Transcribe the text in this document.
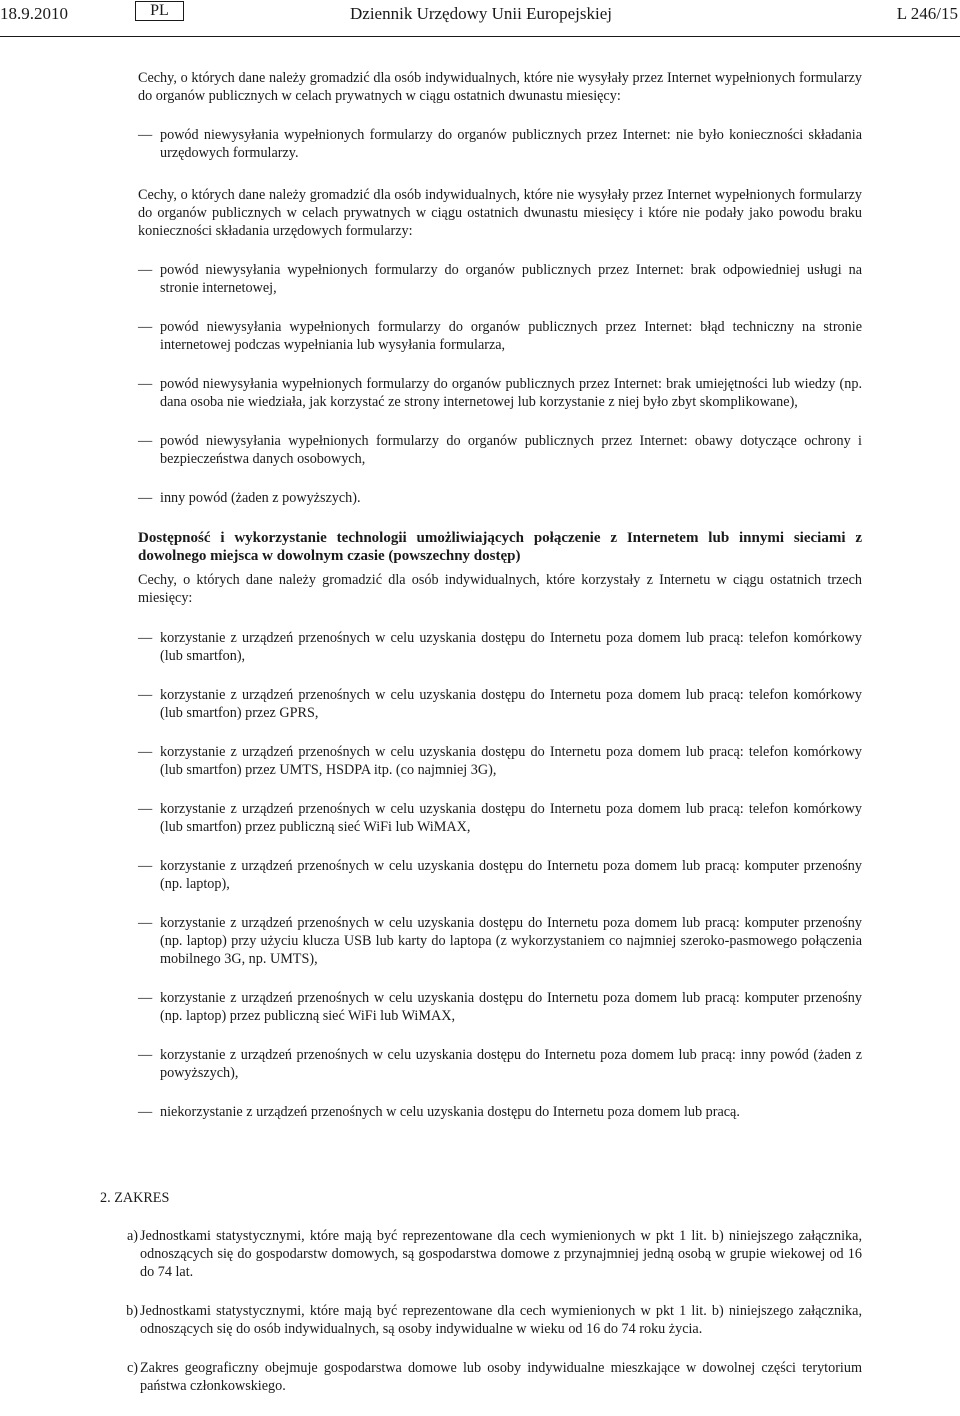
18.9.2010	PL	Dziennik Urzędowy Unii Europejskiej	L 246/15

Cechy, o których dane należy gromadzić dla osób indywidualnych, które nie wysyłały przez Internet wypełnionych formularzy do organów publicznych w celach prywatnych w ciągu ostatnich dwunastu miesięcy:

— powód niewysyłania wypełnionych formularzy do organów publicznych przez Internet: nie było konieczności składania urzędowych formularzy.

Cechy, o których dane należy gromadzić dla osób indywidualnych, które nie wysyłały przez Internet wypełnionych formularzy do organów publicznych w celach prywatnych w ciągu ostatnich dwunastu miesięcy i które nie podały jako powodu braku konieczności składania urzędowych formularzy:

— powód niewysyłania wypełnionych formularzy do organów publicznych przez Internet: brak odpowiedniej usługi na stronie internetowej,
— powód niewysyłania wypełnionych formularzy do organów publicznych przez Internet: błąd techniczny na stronie internetowej podczas wypełniania lub wysyłania formularza,
— powód niewysyłania wypełnionych formularzy do organów publicznych przez Internet: brak umiejętności lub wiedzy (np. dana osoba nie wiedziała, jak korzystać ze strony internetowej lub korzystanie z niej było zbyt skomplikowane),
— powód niewysyłania wypełnionych formularzy do organów publicznych przez Internet: obawy dotyczące ochrony i bezpieczeństwa danych osobowych,
— inny powód (żaden z powyższych).

Dostępność i wykorzystanie technologii umożliwiających połączenie z Internetem lub innymi sieciami z dowolnego miejsca w dowolnym czasie (powszechny dostęp)

Cechy, o których dane należy gromadzić dla osób indywidualnych, które korzystały z Internetu w ciągu ostatnich trzech miesięcy:

— korzystanie z urządzeń przenośnych w celu uzyskania dostępu do Internetu poza domem lub pracą: telefon komórkowy (lub smartfon),
— korzystanie z urządzeń przenośnych w celu uzyskania dostępu do Internetu poza domem lub pracą: telefon komórkowy (lub smartfon) przez GPRS,
— korzystanie z urządzeń przenośnych w celu uzyskania dostępu do Internetu poza domem lub pracą: telefon komórkowy (lub smartfon) przez UMTS, HSDPA itp. (co najmniej 3G),
— korzystanie z urządzeń przenośnych w celu uzyskania dostępu do Internetu poza domem lub pracą: telefon komórkowy (lub smartfon) przez publiczną sieć WiFi lub WiMAX,
— korzystanie z urządzeń przenośnych w celu uzyskania dostępu do Internetu poza domem lub pracą: komputer przenośny (np. laptop),
— korzystanie z urządzeń przenośnych w celu uzyskania dostępu do Internetu poza domem lub pracą: komputer przenośny (np. laptop) przy użyciu klucza USB lub karty do laptopa (z wykorzystaniem co najmniej szeroko-pasmowego połączenia mobilnego 3G, np. UMTS),
— korzystanie z urządzeń przenośnych w celu uzyskania dostępu do Internetu poza domem lub pracą: komputer przenośny (np. laptop) przez publiczną sieć WiFi lub WiMAX,
— korzystanie z urządzeń przenośnych w celu uzyskania dostępu do Internetu poza domem lub pracą: inny powód (żaden z powyższych),
— niekorzystanie z urządzeń przenośnych w celu uzyskania dostępu do Internetu poza domem lub pracą.

2. ZAKRES

a) Jednostkami statystycznymi, które mają być reprezentowane dla cech wymienionych w pkt 1 lit. b) niniejszego załącznika, odnoszących się do gospodarstw domowych, są gospodarstwa domowe z przynajmniej jedną osobą w grupie wiekowej od 16 do 74 lat.
b) Jednostkami statystycznymi, które mają być reprezentowane dla cech wymienionych w pkt 1 lit. b) niniejszego załącznika, odnoszących się do osób indywidualnych, są osoby indywidualne w wieku od 16 do 74 roku życia.
c) Zakres geograficzny obejmuje gospodarstwa domowe lub osoby indywidualne mieszkające w dowolnej części terytorium państwa członkowskiego.
